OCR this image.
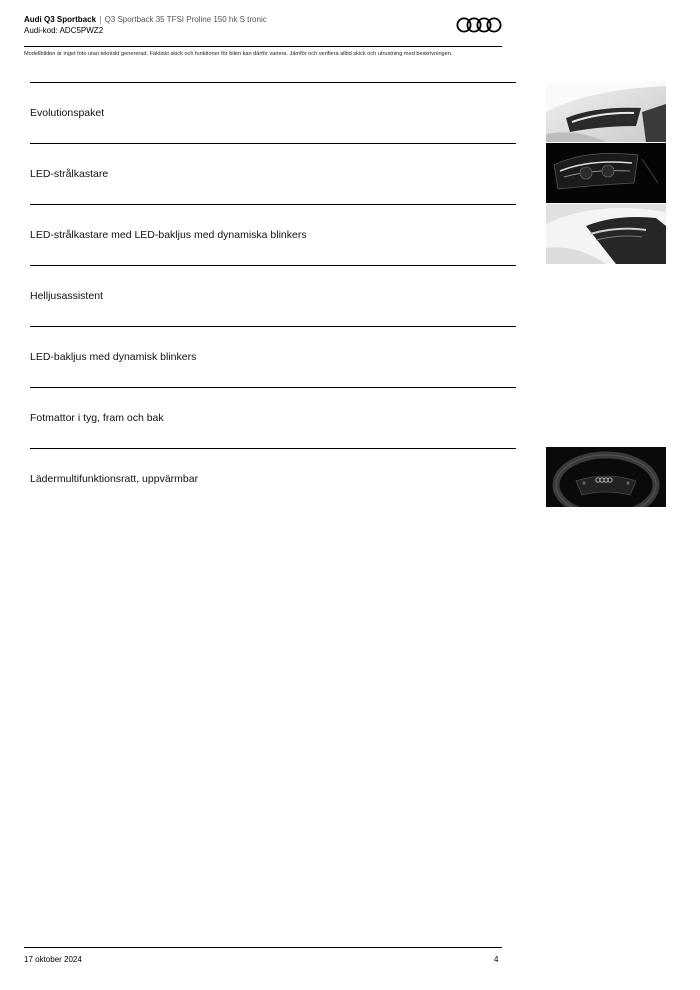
Audi Q3 Sportback | Q3 Sportback 35 TFSI Proline 150 hk S tronic
Audi-kod: ADC5PWZ2
Modellbilden är inget foto utan tekniskt genererad. Faktiskt skick och funktioner för bilen kan därför variera. Jämför och verifiera alltid skick och utrustning med beskrivningen.
Evolutionspaket
LED-strålkastare
LED-strålkastare med LED-bakljus med dynamiska blinkers
Helljusassistent
LED-bakljus med dynamisk blinkers
Fotmattor i tyg, fram och bak
Lädermultifunktionsratt, uppvärmbar
17 oktober 2024	4
